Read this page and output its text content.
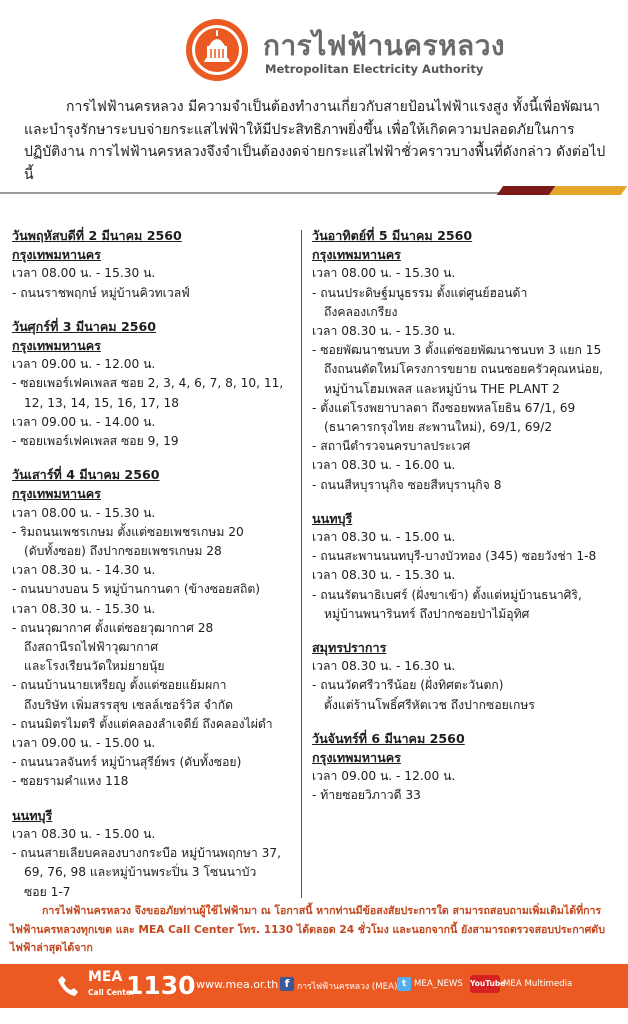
การไฟฟ้านครหลวง
Metropolitan Electricity Authority
การไฟฟ้านครหลวง มีความจำเป็นต้องทำงานเกี่ยวกับสายป้อนไฟฟ้าแรงสูง ทั้งนี้เพื่อพัฒนาและบำรุงรักษาระบบจ่ายกระแสไฟฟ้าให้มีประสิทธิภาพยิ่งขึ้น เพื่อให้เกิดความปลอดภัยในการปฏิบัติงาน การไฟฟ้านครหลวงจึงจำเป็นต้องงดจ่ายกระแสไฟฟ้าชั่วคราวบางพื้นที่ดังกล่าว ดังต่อไปนี้
วันพฤหัสบดีที่ 2 มีนาคม 2560
กรุงเทพมหานคร
เวลา 08.00 น. - 15.30 น.
- ถนนราชพฤกษ์ หมู่บ้านคิวทเวลฟ์
วันศุกร์ที่ 3 มีนาคม 2560
กรุงเทพมหานคร
เวลา 09.00 น. - 12.00 น.
- ซอยเพอร์เฟคเพลส ซอย 2, 3, 4, 6, 7, 8, 10, 11,
12, 13, 14, 15, 16, 17, 18
เวลา 09.00 น. - 14.00 น.
- ซอยเพอร์เฟคเพลส ซอย 9, 19
วันเสาร์ที่ 4 มีนาคม 2560
กรุงเทพมหานคร
เวลา 08.00 น. - 15.30 น.
- ริมถนนเพชรเกษม ตั้งแต่ซอยเพชรเกษม 20
(ดับทั้งซอย) ถึงปากซอยเพชรเกษม 28
เวลา 08.30 น. - 14.30 น.
- ถนนบางบอน 5 หมู่บ้านกานดา (ข้างซอยสถิต)
เวลา 08.30 น. - 15.30 น.
- ถนนวุฒากาศ ตั้งแต่ซอยวุฒากาศ 28
ถึงสถานีรถไฟฟ้าวุฒากาศ
และโรงเรียนวัดใหม่ยายนุ้ย
- ถนนบ้านนายเหรียญ ตั้งแต่ซอยแย้มผกา
ถึงบริษัท เพิ่มสรรสุข เซลล์เซอร์วิส จำกัด
- ถนนมิตรไมตรี ตั้งแต่คลองลำเจดีย์ ถึงคลองไผ่ดำ
เวลา 09.00 น. - 15.00 น.
- ถนนนวลจันทร์ หมู่บ้านสุรีย์พร (ดับทั้งซอย)
- ซอยรามคำแหง 118
นนทบุรี
เวลา 08.30 น. - 15.00 น.
- ถนนสายเลียบคลองบางกระบือ หมู่บ้านพฤกษา 37,
69, 76, 98 และหมู่บ้านพระปิ่น 3 โซนนาบัว
ซอย 1-7
วันอาทิตย์ที่ 5 มีนาคม 2560
กรุงเทพมหานคร
เวลา 08.00 น. - 15.30 น.
- ถนนประดิษฐ์มนูธรรม ตั้งแต่ศูนย์ฮอนด้า
ถึงคลองเกรียง
เวลา 08.30 น. - 15.30 น.
- ซอยพัฒนาชนบท 3 ตั้งแต่ซอยพัฒนาชนบท 3 แยก 15
ถึงถนนตัดใหม่โครงการขยาย ถนนซอยครัวคุณหน่อย,
หมู่บ้านโฮมเพลส และหมู่บ้าน THE PLANT 2
- ตั้งแต่โรงพยาบาลตา ถึงซอยพหลโยธิน 67/1, 69
(ธนาคารกรุงไทย สะพานใหม่), 69/1, 69/2
- สถานีตำรวจนครบาลประเวศ
เวลา 08.30 น. - 16.00 น.
- ถนนสีหบุรานุกิจ ซอยสีหบุรานุกิจ 8
นนทบุรี
เวลา 08.30 น. - 15.00 น.
- ถนนสะพานนนทบุรี-บางบัวทอง (345) ซอยวังช่า 1-8
เวลา 08.30 น. - 15.30 น.
- ถนนรัตนาธิเบศร์ (ฝั่งขาเข้า) ตั้งแต่หมู่บ้านธนาศิริ,
หมู่บ้านพนารินทร์ ถึงปากซอยป่าไม้อุทิศ
สมุทรปราการ
เวลา 08.30 น. - 16.30 น.
- ถนนวัดศรีวารีน้อย (ฝั่งทิศตะวันตก)
ตั้งแต่ร้านโพธิ์ศรีหัตเวช ถึงปากซอยเกษร
วันจันทร์ที่ 6 มีนาคม 2560
กรุงเทพมหานคร
เวลา 09.00 น. - 12.00 น.
- ท้ายซอยวิภาวดี 33
การไฟฟ้านครหลวง จึงขออภัยท่านผู้ใช้ไฟฟ้ามา ณ โอกาสนี้ หากท่านมีข้อสงสัยประการใด สามารถสอบถามเพิ่มเติมได้ที่การไฟฟ้านครหลวงทุกเขต และ MEA Call Center โทร. 1130 ได้ตลอด 24 ชั่วโมง และนอกจากนี้ ยังสามารถตรวจสอบประกาศดับไฟฟ้าล่าสุดได้จาก
MEA
Call Center
1130 www.mea.or.th f การไฟฟ้านครหลวง (MEA) t MEA_NEWS YouTube
MEA Multimedia
